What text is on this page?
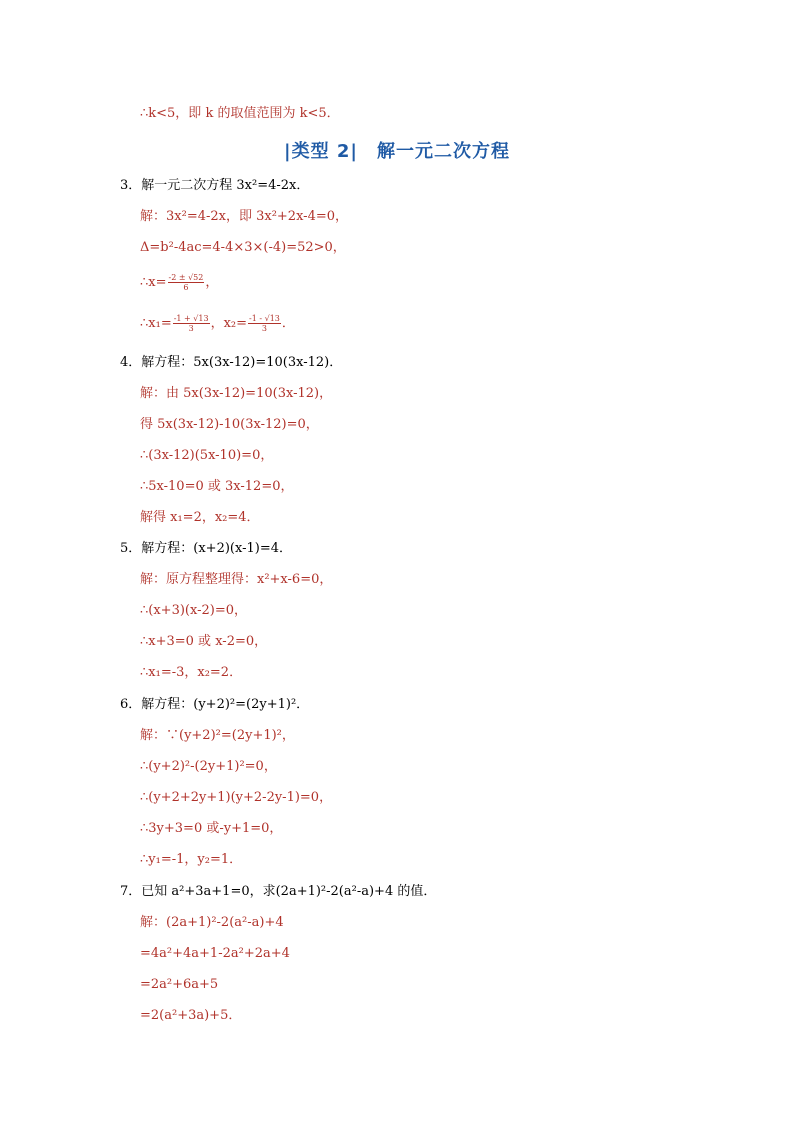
|类型 2|　解一元二次方程
∴k<5，即 k 的取值范围为 k<5．
3．解一元二次方程 3x²=4-2x．
解：3x²=4-2x，即 3x²+2x-4=0，
Δ=b²-4ac=4-4×3×(-4)=52>0，
4．解方程：5x(3x-12)=10(3x-12)．
解：由 5x(3x-12)=10(3x-12)，
得 5x(3x-12)-10(3x-12)=0，
∴(3x-12)(5x-10)=0，
∴5x-10=0 或 3x-12=0，
解得 x₁=2，x₂=4．
5．解方程：(x+2)(x-1)=4．
解：原方程整理得：x²+x-6=0，
∴(x+3)(x-2)=0，
∴x+3=0 或 x-2=0，
∴x₁=-3，x₂=2．
6．解方程：(y+2)²=(2y+1)²．
解：∵(y+2)²=(2y+1)²，
∴(y+2)²-(2y+1)²=0，
∴(y+2+2y+1)(y+2-2y-1)=0，
∴3y+3=0 或-y+1=0，
∴y₁=-1，y₂=1．
7．已知 a²+3a+1=0，求(2a+1)²-2(a²-a)+4 的值．
解：(2a+1)²-2(a²-a)+4
=4a²+4a+1-2a²+2a+4
=2a²+6a+5
=2(a²+3a)+5．
∴x= $\frac{-2 \pm √52}{6}$ ，
∴x₁= $\frac{-1 + √13}{3}$ ，$x_2= \frac{-1 - √13}{3}$ ．
